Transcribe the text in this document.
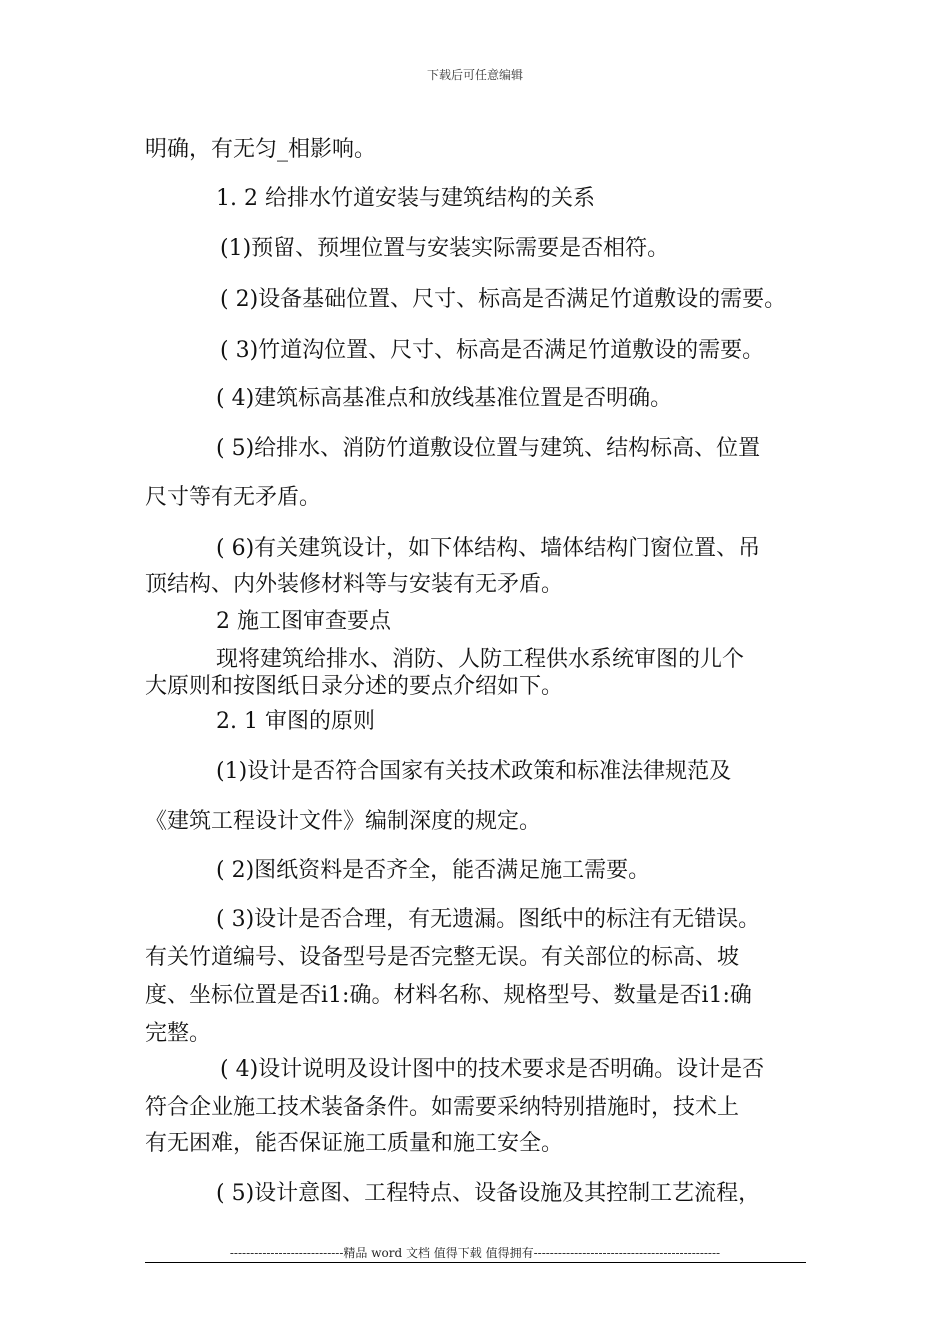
下载后可任意编辑
明确，有无匀_相影响。
1. 2 给排水竹道安装与建筑结构的关系
(1)预留、预埋位置与安装实际需要是否相符。
( 2)设备基础位置、尺寸、标高是否满足竹道敷设的需要。
( 3)竹道沟位置、尺寸、标高是否满足竹道敷设的需要。
( 4)建筑标高基准点和放线基准位置是否明确。
( 5)给排水、消防竹道敷设位置与建筑、结构标高、位置
尺寸等有无矛盾。
( 6)有关建筑设计，如下体结构、墙体结构门窗位置、吊
顶结构、内外装修材料等与安装有无矛盾。
2 施工图审查要点
现将建筑给排水、消防、人防工程供水系统审图的儿个
大原则和按图纸日录分述的要点介绍如下。
2. 1 审图的原则
(1)设计是否符合国家有关技术政策和标准法律规范及
《建筑工程设计文件》编制深度的规定。
( 2)图纸资料是否齐全，能否满足施工需要。
( 3)设计是否合理，有无遗漏。图纸中的标注有无错误。
有关竹道编号、设备型号是否完整无误。有关部位的标高、坡
度、坐标位置是否i1:确。材料名称、规格型号、数量是否i1:确
完整。
( 4)设计说明及设计图中的技术要求是否明确。设计是否
符合企业施工技术装备条件。如需要采纳特别措施时，技术上
有无困难，能否保证施工质量和施工安全。
( 5)设计意图、工程特点、设备设施及其控制工艺流程，
----------------------------精品 word 文档 值得下载 值得拥有----------------------------------------------
